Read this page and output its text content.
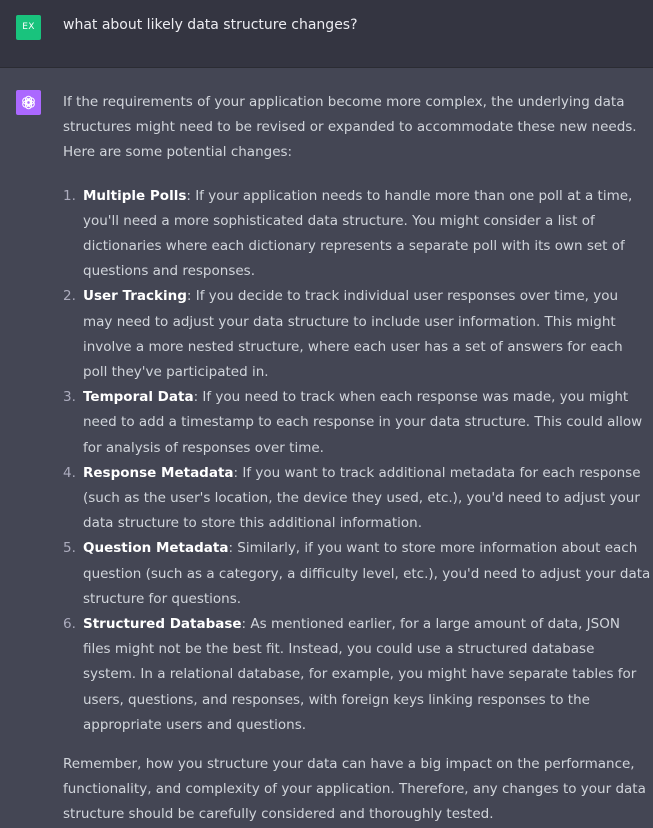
EX	what about likely data structure changes?

If the requirements of your application become more complex, the underlying data structures might need to be revised or expanded to accommodate these new needs. Here are some potential changes:

1. Multiple Polls: If your application needs to handle more than one poll at a time, you'll need a more sophisticated data structure. You might consider a list of dictionaries where each dictionary represents a separate poll with its own set of questions and responses.
2. User Tracking: If you decide to track individual user responses over time, you may need to adjust your data structure to include user information. This might involve a more nested structure, where each user has a set of answers for each poll they've participated in.
3. Temporal Data: If you need to track when each response was made, you might need to add a timestamp to each response in your data structure. This could allow for analysis of responses over time.
4. Response Metadata: If you want to track additional metadata for each response (such as the user's location, the device they used, etc.), you'd need to adjust your data structure to store this additional information.
5. Question Metadata: Similarly, if you want to store more information about each question (such as a category, a difficulty level, etc.), you'd need to adjust your data structure for questions.
6. Structured Database: As mentioned earlier, for a large amount of data, JSON files might not be the best fit. Instead, you could use a structured database system. In a relational database, for example, you might have separate tables for users, questions, and responses, with foreign keys linking responses to the appropriate users and questions.

Remember, how you structure your data can have a big impact on the performance, functionality, and complexity of your application. Therefore, any changes to your data structure should be carefully considered and thoroughly tested.
